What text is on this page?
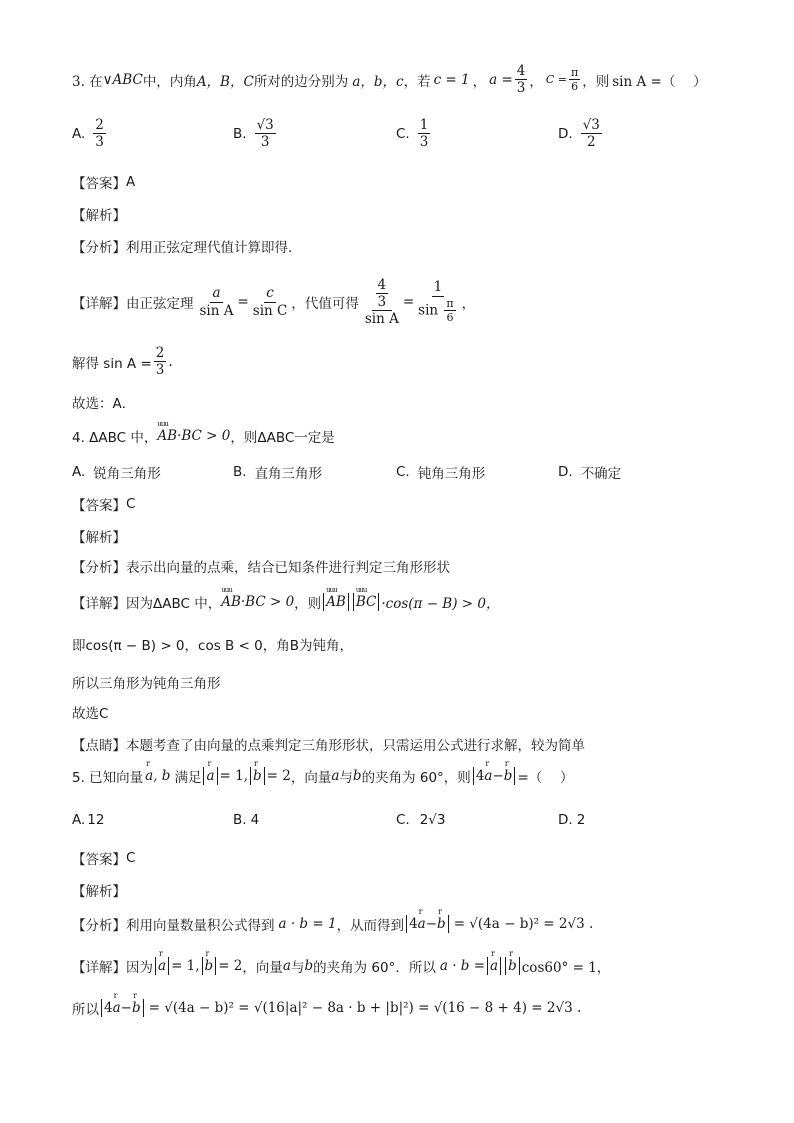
3. 在 ∨ABC 中，内角 A，B，C 所对的边分别为 a，b，c ，若 c = 1 ， $a = \frac{4}{3}$ ， $C = \frac{\pi}{6}$ ，则 sin A =（　 ）
A. $\frac{2}{3}$	B. $\frac{√3}{3}$	C. $\frac{1}{3}$	D. $\frac{√3}{2}$
【答案】 A
【解析】
【分析】 利用正弦定理代值计算即得.
【详解】 由正弦定理 $\frac{a}{\text{sin A}} = \frac{c}{\text{sin C}}$ ，代值可得 $\frac{\frac{4}{3}}{\text{sin A}} = \frac{1}{\sin \frac{\pi}{6}}$ ，
解得 $\sin A = \frac{2}{3}$ .
故选：A．
4. ΔABC 中， uuu AB·BC > 0 ，则ΔABC一定是
A. 锐角三角形	B. 直角三角形	C. 钝角三角形	D. 不确定
【答案】 C
【解析】
【分析】 表示出向量的点乘，结合已知条件进行判定三角形形状
【详解】 因为ΔABC 中， uuu AB·BC > 0 ，则 uuu AB uuu BC ·cos(π − B) > 0，
即cos(π − B) > 0，cos B < 0，角B为钝角，
所以三角形为钝角三角形
故选C
【点睛】 本题考查了由向量的点乘判定三角形形状，只需运用公式进行求解，较为简单
5. 已知向量 r a, b 满足 r a = 1, r b = 2 ，向量 a 与 b 的夹角为 60°，则 4 r a − r b =（　 ）
A. 12	B. 4	C. 2√3	D. 2
【答案】 C
【解析】
【分析】 利用向量数量积公式得到 a · b = 1 ，从而得到 4 r a − r b = √(4a − b)² = 2√3 .
【详解】 因为 r a = 1, r b = 2 ，向量 a 与 b 的夹角为 60°．所以 a · b = r a r b cos60° = 1，
所以 4 r a − r b = √(4a − b)² = √(16|a|² − 8a · b + |b|²) = √(16 − 8 + 4) = 2√3 .
